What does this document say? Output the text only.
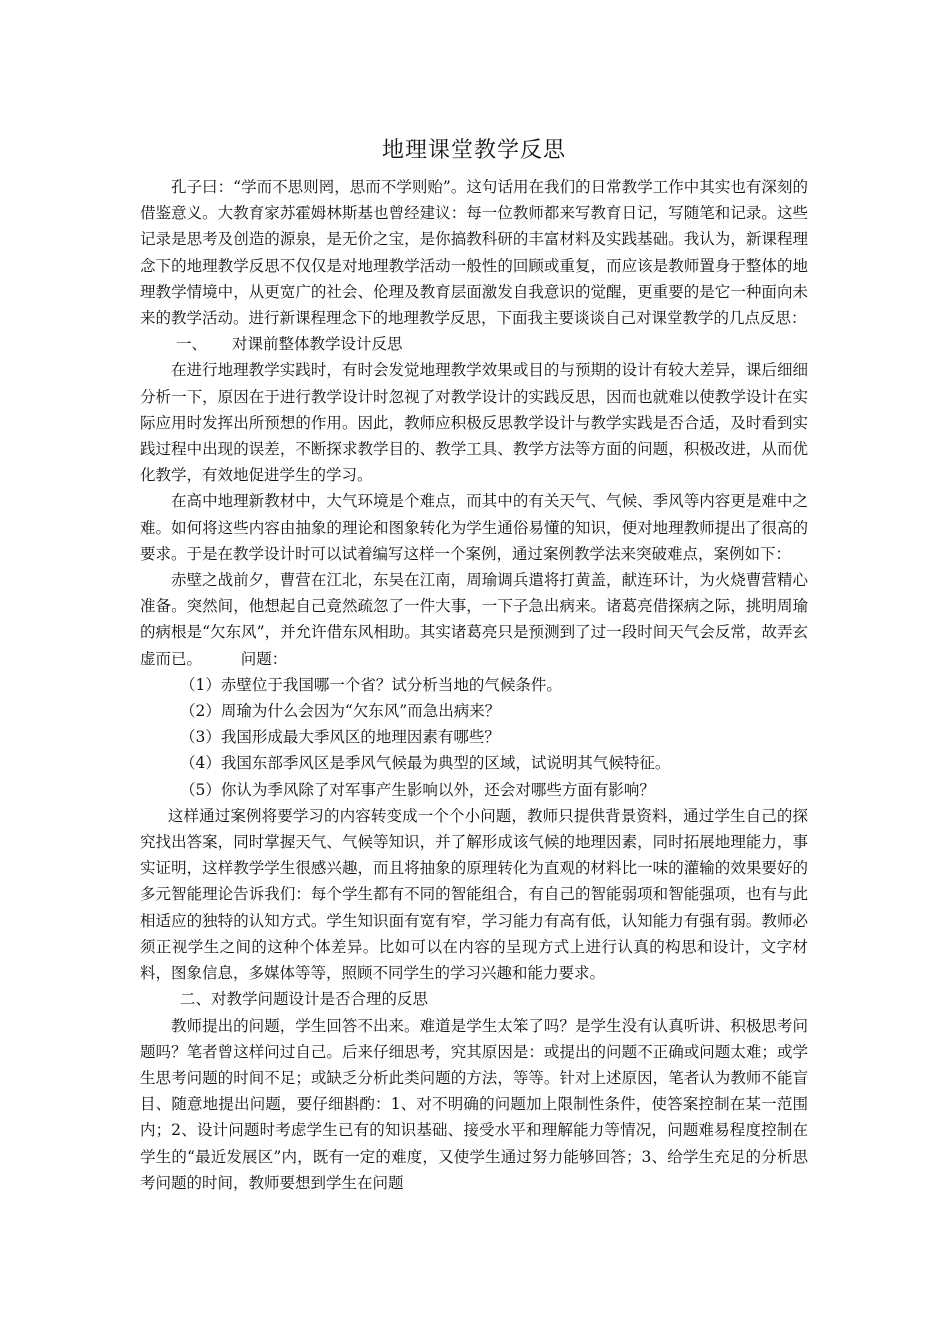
地理课堂教学反思

孔子曰：“学而不思则罔，思而不学则贻”。这句话用在我们的日常教学工作中其实也有深刻的借鉴意义。大教育家苏霍姆林斯基也曾经建议：每一位教师都来写教育日记，写随笔和记录。这些记录是思考及创造的源泉，是无价之宝，是你搞教科研的丰富材料及实践基础。我认为，新课程理念下的地理教学反思不仅仅是对地理教学活动一般性的回顾或重复，而应该是教师置身于整体的地理教学情境中，从更宽广的社会、伦理及教育层面激发自我意识的觉醒，更重要的是它一种面向未来的教学活动。进行新课程理念下的地理教学反思，下面我主要谈谈自己对课堂教学的几点反思：

一、 对课前整体教学设计反思

在进行地理教学实践时，有时会发觉地理教学效果或目的与预期的设计有较大差异，课后细细分析一下，原因在于进行教学设计时忽视了对教学设计的实践反思，因而也就难以使教学设计在实际应用时发挥出所预想的作用。因此，教师应积极反思教学设计与教学实践是否合适，及时看到实践过程中出现的误差，不断探求教学目的、教学工具、教学方法等方面的问题，积极改进，从而优化教学，有效地促进学生的学习。

在高中地理新教材中，大气环境是个难点，而其中的有关天气、气候、季风等内容更是难中之难。如何将这些内容由抽象的理论和图象转化为学生通俗易懂的知识，便对地理教师提出了很高的要求。于是在教学设计时可以试着编写这样一个案例，通过案例教学法来突破难点，案例如下：

赤壁之战前夕，曹营在江北，东吴在江南，周瑜调兵遣将打黄盖，献连环计，为火烧曹营精心准备。突然间，他想起自己竟然疏忽了一件大事，一下子急出病来。诸葛亮借探病之际，挑明周瑜的病根是“欠东风”，并允许借东风相助。其实诸葛亮只是预测到了过一段时间天气会反常，故弄玄虚而已。　　　问题：

（1）赤壁位于我国哪一个省？试分析当地的气候条件。

（2）周瑜为什么会因为“欠东风”而急出病来？

（3）我国形成最大季风区的地理因素有哪些？

（4）我国东部季风区是季风气候最为典型的区域，试说明其气候特征。

（5）你认为季风除了对军事产生影响以外，还会对哪些方面有影响？

这样通过案例将要学习的内容转变成一个个小问题，教师只提供背景资料，通过学生自己的探究找出答案，同时掌握天气、气候等知识，并了解形成该气候的地理因素，同时拓展地理能力，事实证明，这样教学学生很感兴趣，而且将抽象的原理转化为直观的材料比一味的灌输的效果要好的多元智能理论告诉我们：每个学生都有不同的智能组合，有自己的智能弱项和智能强项，也有与此相适应的独特的认知方式。学生知识面有宽有窄，学习能力有高有低，认知能力有强有弱。教师必须正视学生之间的这种个体差异。比如可以在内容的呈现方式上进行认真的构思和设计，文字材料，图象信息，多媒体等等，照顾不同学生的学习兴趣和能力要求。

二、对教学问题设计是否合理的反思

教师提出的问题，学生回答不出来。难道是学生太笨了吗？是学生没有认真听讲、积极思考问题吗？笔者曾这样问过自己。后来仔细思考，究其原因是：或提出的问题不正确或问题太难；或学生思考问题的时间不足；或缺乏分析此类问题的方法，等等。针对上述原因，笔者认为教师不能盲目、随意地提出问题，要仔细斟酌：1、对不明确的问题加上限制性条件，使答案控制在某一范围内；2、设计问题时考虑学生已有的知识基础、接受水平和理解能力等情况，问题难易程度控制在学生的“最近发展区”内，既有一定的难度，又使学生通过努力能够回答；3、给学生充足的分析思考问题的时间，教师要想到学生在问题
